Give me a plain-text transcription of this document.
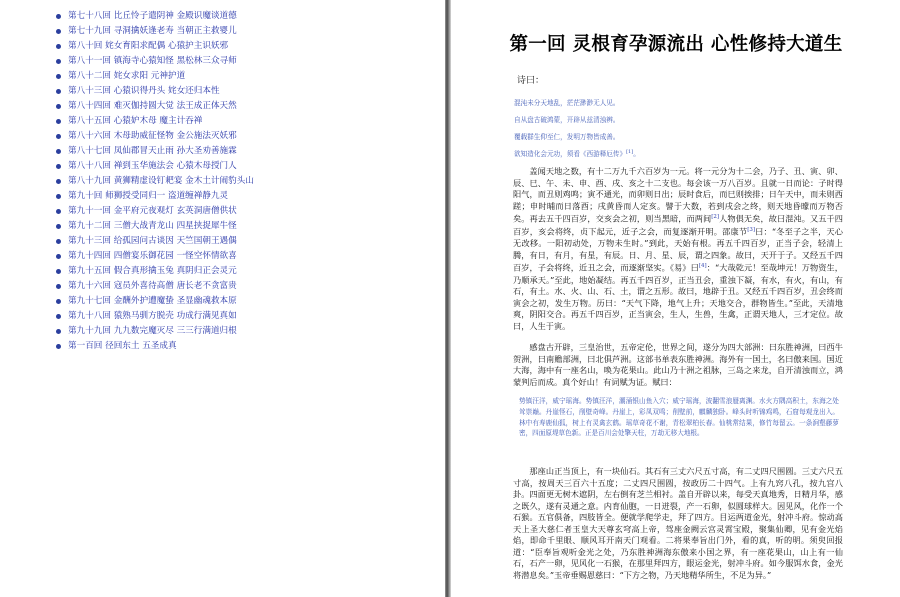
第七十八回 比丘怜子遣阴神 金殿识魔谈道德
第七十九回 寻洞擒妖逢老寿 当朝正主救婴儿
第八十回 姹女育阳求配偶 心猿护主识妖邪
第八十一回 镇海寺心猿知怪 黑松林三众寻师
第八十二回 姹女求阳 元神护道
第八十三回 心猿识得丹头 姹女还归本性
第八十四回 难灭伽持圆大觉 法王成正体天然
第八十五回 心猿妒木母 魔主计吞禅
第八十六回 木母助威征怪物 金公施法灭妖邪
第八十七回 凤仙郡冒天止雨 孙大圣劝善施霖
第八十八回 禅到玉华施法会 心猿木母授门人
第八十九回 黄狮精虚设钉耙宴 金木土计闹豹头山
第九十回 师狮授受同归一 盗道缠禅静九灵
第九十一回 金平府元夜观灯 玄英洞唐僧供状
第九十二回 三僧大战青龙山 四星挟捉犀牛怪
第九十三回 给孤园问古谈因 天竺国朝王遇偶
第九十四回 四僧宴乐御花园 一怪空怀情欲喜
第九十五回 假合真形擒玉兔 真阴归正会灵元
第九十六回 寇员外喜待高僧 唐长老不贪富贵
第九十七回 金酬外护遭魔蛰 圣显幽魂救本原
第九十八回 猿熟马驯方脱壳 功成行满见真如
第九十九回 九九数完魔灭尽 三三行满道归根
第一百回 径回东土 五圣成真
第一回 灵根育孕源流出 心性修持大道生
诗曰：
混沌未分天地乱，茫茫渺渺无人见。
自从盘古破鸿蒙，开辟从兹清浊辨。
覆载群生仰至仁，发明万物皆成善。
欲知造化会元功，须看《西游释厄传》[1]。
盖闻天地之数，有十二万九千六百岁为一元。将一元分为十二会，乃子、丑、寅、卯、辰、巳、午、未、申、酉、戌、亥之十二支也。每会该一万八百岁。且就一日而论：子时得阳气，而丑则鸡鸣；寅不通光，而卯则日出；辰时食后，而巳则挨排；日午天中，而未则西蹉；申时晡而日落酉；戌黄昏而人定亥。譬于大数，若到戌会之终，则天地昏曚而万物否矣。再去五千四百岁，交亥会之初，则当黑暗，而两间[2]人物俱无矣，故曰混沌。又五千四百岁，亥会将终，贞下起元，近子之会，而复逐渐开明。邵康节[3]曰：“冬至子之半，天心无改移。一阳初动处，万物未生时。”到此，天始有根。再五千四百岁，正当子会，轻清上腾，有日，有月，有星，有辰。日、月、星、辰，谓之四象。故曰，天开于子。又经五千四百岁，子会将终，近丑之会，而逐渐坚实。《易》曰[4]：“大哉乾元！至哉坤元！万物资生，乃顺承天。”至此，地始凝结。再五千四百岁，正当丑会，重浊下凝，有水，有火，有山，有石，有土。水、火、山、石、土，谓之五形。故曰，地辟于丑。又经五千四百岁，丑会终而寅会之初，发生万物。历曰：“天气下降，地气上升；天地交合，群物皆生。”至此，天清地爽，阴阳交合。再五千四百岁，正当寅会，生人，生兽，生禽，正谓天地人，三才定位。故曰，人生于寅。
感盘古开辟，三皇治世，五帝定伦，世界之间，遂分为四大部洲：曰东胜神洲，曰西牛贺洲，曰南赡部洲，曰北俱芦洲。这部书单表东胜神洲。海外有一国土，名曰傲来国。国近大海，海中有一座名山，唤为花果山。此山乃十洲之祖脉，三岛之来龙，自开清浊而立，鸿蒙判后而成。真个好山！有词赋为证。赋曰：
势镇汪洋，威宁瑶海。势镇汪洋，潮涌银山鱼入穴；威宁瑶海，波翻雪浪蜃离渊。水火方隅高积土，东海之处耸崇巅。丹崖怪石，削壁奇峰。丹崖上，彩凤双鸣；削壁前，麒麟独卧。峰头时听锦鸡鸣，石窟每观龙出入。林中有寿鹿仙狐，树上有灵禽玄鹤。瑶草奇花不谢，青松翠柏长春。仙桃常结果，修竹每留云。一条涧壑藤萝密，四面原堤草色新。正是百川会处擎天柱，万劫无移大地根。
那座山正当顶上，有一块仙石。其石有三丈六尺五寸高，有二丈四尺围圆。三丈六尺五寸高，按周天三百六十五度；二丈四尺围圆，按政历二十四气。上有九窍八孔，按九宫八卦。四面更无树木遮阴，左右倒有芝兰相衬。盖自开辟以来，每受天真地秀，日精月华，感之既久，遂有灵通之意。内育仙胞，一日迸裂，产一石卵，似圆球样大。因见风，化作一个石猴。五官俱备，四肢皆全。便就学爬学走，拜了四方。目运两道金光，射冲斗府。惊动高天上圣大慈仁者玉皇大天尊玄穹高上帝，驾座金阙云宫灵霄宝殿，聚集仙卿，见有金光焰焰，即命千里眼、顺风耳开南天门观看。二将果奉旨出门外，看的真，听的明。须臾回报道：“臣奉旨观听金光之处，乃东胜神洲海东傲来小国之界，有一座花果山，山上有一仙石，石产一卵，见风化一石猴，在那里拜四方，眼运金光，射冲斗府。如今服饵水食，金光将潜息矣。”玉帝垂赐恩慈曰：“下方之物，乃天地精华所生，不足为异。”
